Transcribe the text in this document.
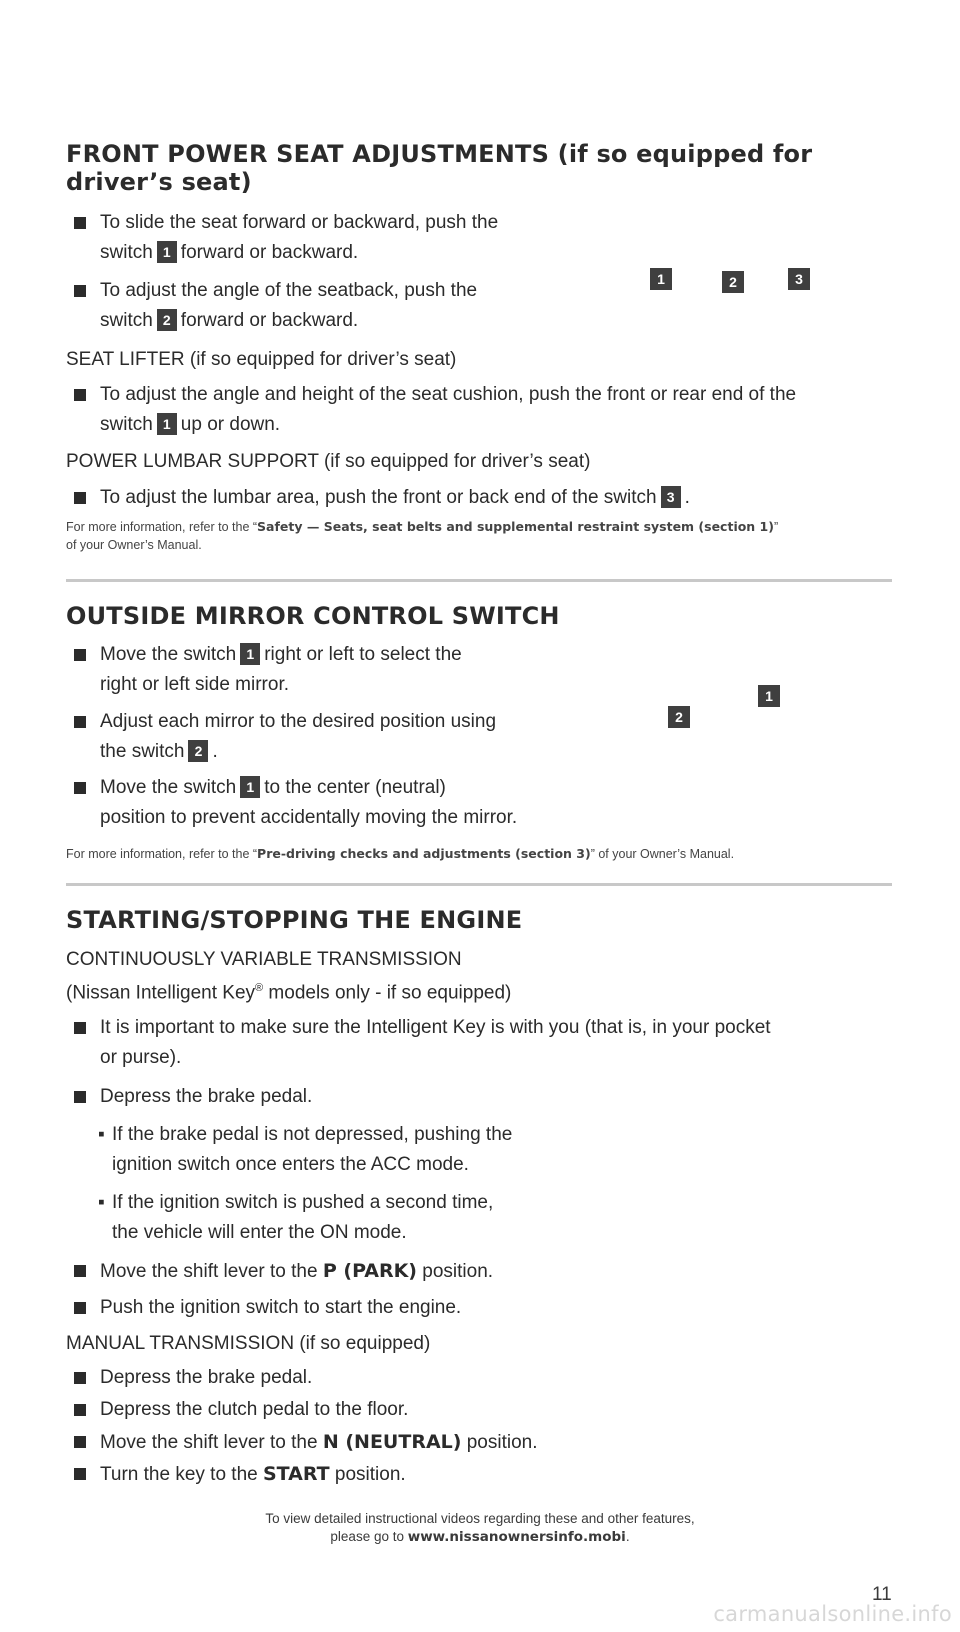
FRONT POWER SEAT ADJUSTMENTS (if so equipped for
driver’s seat)
To slide the seat forward or backward, push the
switch 1 forward or backward.
To adjust the angle of the seatback, push the
switch 2 forward or backward.
SEAT LIFTER (if so equipped for driver’s seat)
To adjust the angle and height of the seat cushion, push the front or rear end of the
switch 1 up or down.
POWER LUMBAR SUPPORT (if so equipped for driver’s seat)
To adjust the lumbar area, push the front or back end of the switch 3 .
For more information, refer to the “Safety — Seats, seat belts and supplemental restraint system (section 1)”
of your Owner’s Manual.
1	2	3
OUTSIDE MIRROR CONTROL SWITCH
Move the switch 1 right or left to select the
right or left side mirror.
Adjust each mirror to the desired position using
the switch 2 .
Move the switch 1 to the center (neutral)
position to prevent accidentally moving the mirror.
For more information, refer to the “Pre-driving checks and adjustments (section 3)” of your Owner’s Manual.
2
1
STARTING/STOPPING THE ENGINE
CONTINUOUSLY VARIABLE TRANSMISSION
(Nissan Intelligent Key® models only - if so equipped)
It is important to make sure the Intelligent Key is with you (that is, in your pocket
or purse).
Depress the brake pedal.
▪ If the brake pedal is not depressed, pushing the
ignition switch once enters the ACC mode.
▪ If the ignition switch is pushed a second time,
the vehicle will enter the ON mode.
Move the shift lever to the P (PARK) position.
Push the ignition switch to start the engine.
MANUAL TRANSMISSION (if so equipped)
Depress the brake pedal.
Depress the clutch pedal to the floor.
Move the shift lever to the N (NEUTRAL) position.
Turn the key to the START position.
To view detailed instructional videos regarding these and other features,
please go to www.nissanownersinfo.mobi.
11
carmanualsonline.info
